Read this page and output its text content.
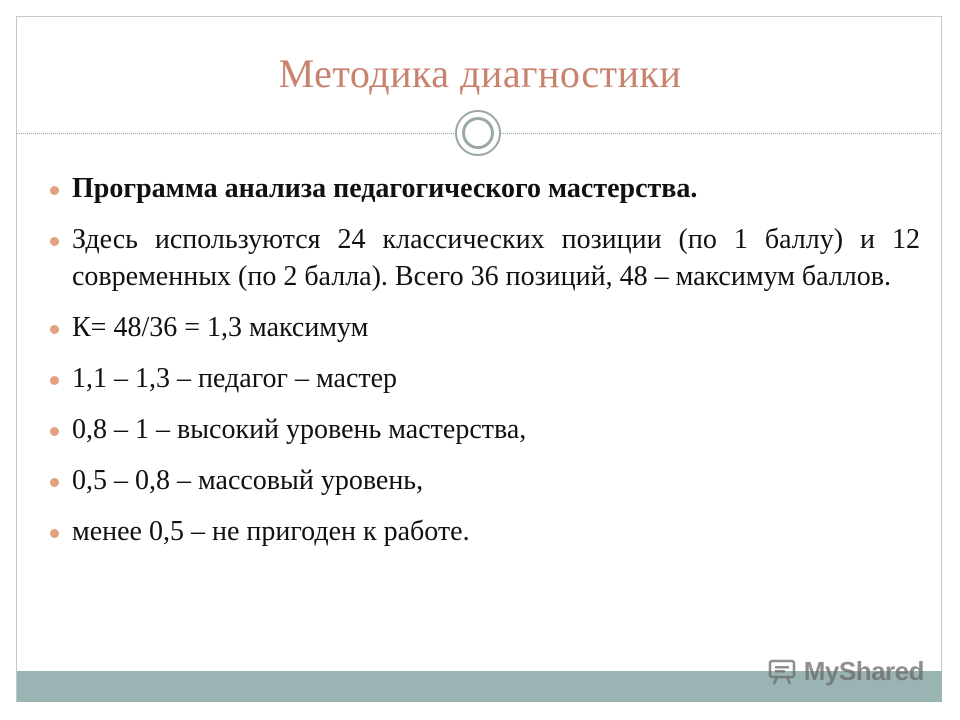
Методика диагностики
Программа анализа педагогического мастерства.
Здесь используются 24 классических позиции (по 1 баллу) и 12 современных (по 2 балла). Всего 36 позиций, 48 – максимум баллов.
К= 48/36 = 1,3 максимум
1,1 – 1,3 – педагог – мастер
0,8 – 1 – высокий уровень мастерства,
0,5 – 0,8 – массовый уровень,
менее 0,5 – не пригоден к работе.
MyShared
